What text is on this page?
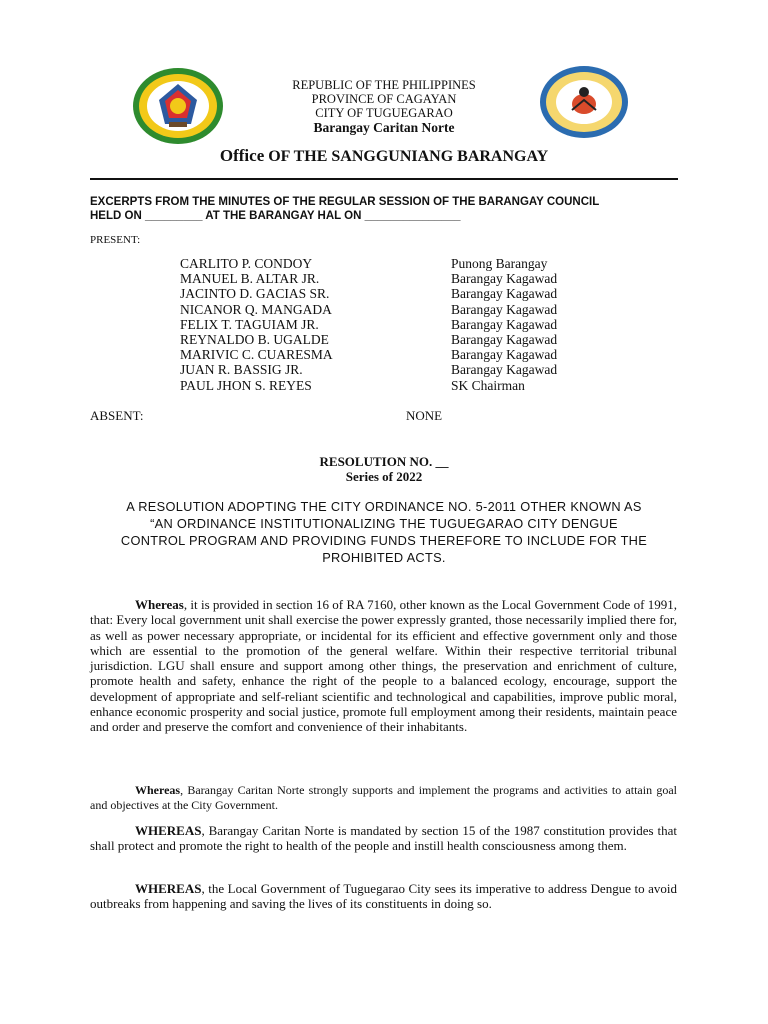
REPUBLIC OF THE PHILIPPINES
PROVINCE OF CAGAYAN
CITY OF TUGUEGARAO
Barangay Caritan Norte
Office OF THE SANGGUNIANG BARANGAY
EXCERPTS FROM THE MINUTES OF THE REGULAR SESSION OF THE BARANGAY COUNCIL
HELD ON _________ AT THE BARANGAY HAL ON _______________
PRESENT:
CARLITO P. CONDOY	Punong Barangay
MANUEL B. ALTAR JR.	Barangay Kagawad
JACINTO D. GACIAS SR.	Barangay Kagawad
NICANOR Q. MANGADA	Barangay Kagawad
FELIX T. TAGUIAM JR.	Barangay Kagawad
REYNALDO B. UGALDE	Barangay Kagawad
MARIVIC C. CUARESMA	Barangay Kagawad
JUAN R. BASSIG JR.	Barangay Kagawad
PAUL JHON S. REYES	SK Chairman
ABSENT:	NONE
RESOLUTION NO. __
Series of 2022
A RESOLUTION ADOPTING THE CITY ORDINANCE NO. 5-2011 OTHER KNOWN AS
“AN ORDINANCE INSTITUTIONALIZING THE TUGUEGARAO CITY DENGUE
CONTROL PROGRAM AND PROVIDING FUNDS THEREFORE TO INCLUDE FOR THE
PROHIBITED ACTS.
Whereas, it is provided in section 16 of RA 7160, other known as the Local Government Code of 1991, that: Every local government unit shall exercise the power expressly granted, those necessarily implied there for, as well as power necessary appropriate, or incidental for its efficient and effective government only and those which are essential to the promotion of the general welfare. Within their respective territorial tribunal jurisdiction. LGU shall ensure and support among other things, the preservation and enrichment of culture, promote health and safety, enhance the right of the people to a balanced ecology, encourage, support the development of appropriate and self-reliant scientific and technological and capabilities, improve public moral, enhance economic prosperity and social justice, promote full employment among their residents, maintain peace and order and preserve the comfort and convenience of their inhabitants.
Whereas, Barangay Caritan Norte strongly supports and implement the programs and activities to attain goal and objectives at the City Government.
WHEREAS, Barangay Caritan Norte is mandated by section 15 of the 1987 constitution provides that shall protect and promote the right to health of the people and instill health consciousness among them.
WHEREAS, the Local Government of Tuguegarao City sees its imperative to address Dengue to avoid outbreaks from happening and saving the lives of its constituents in doing so.
